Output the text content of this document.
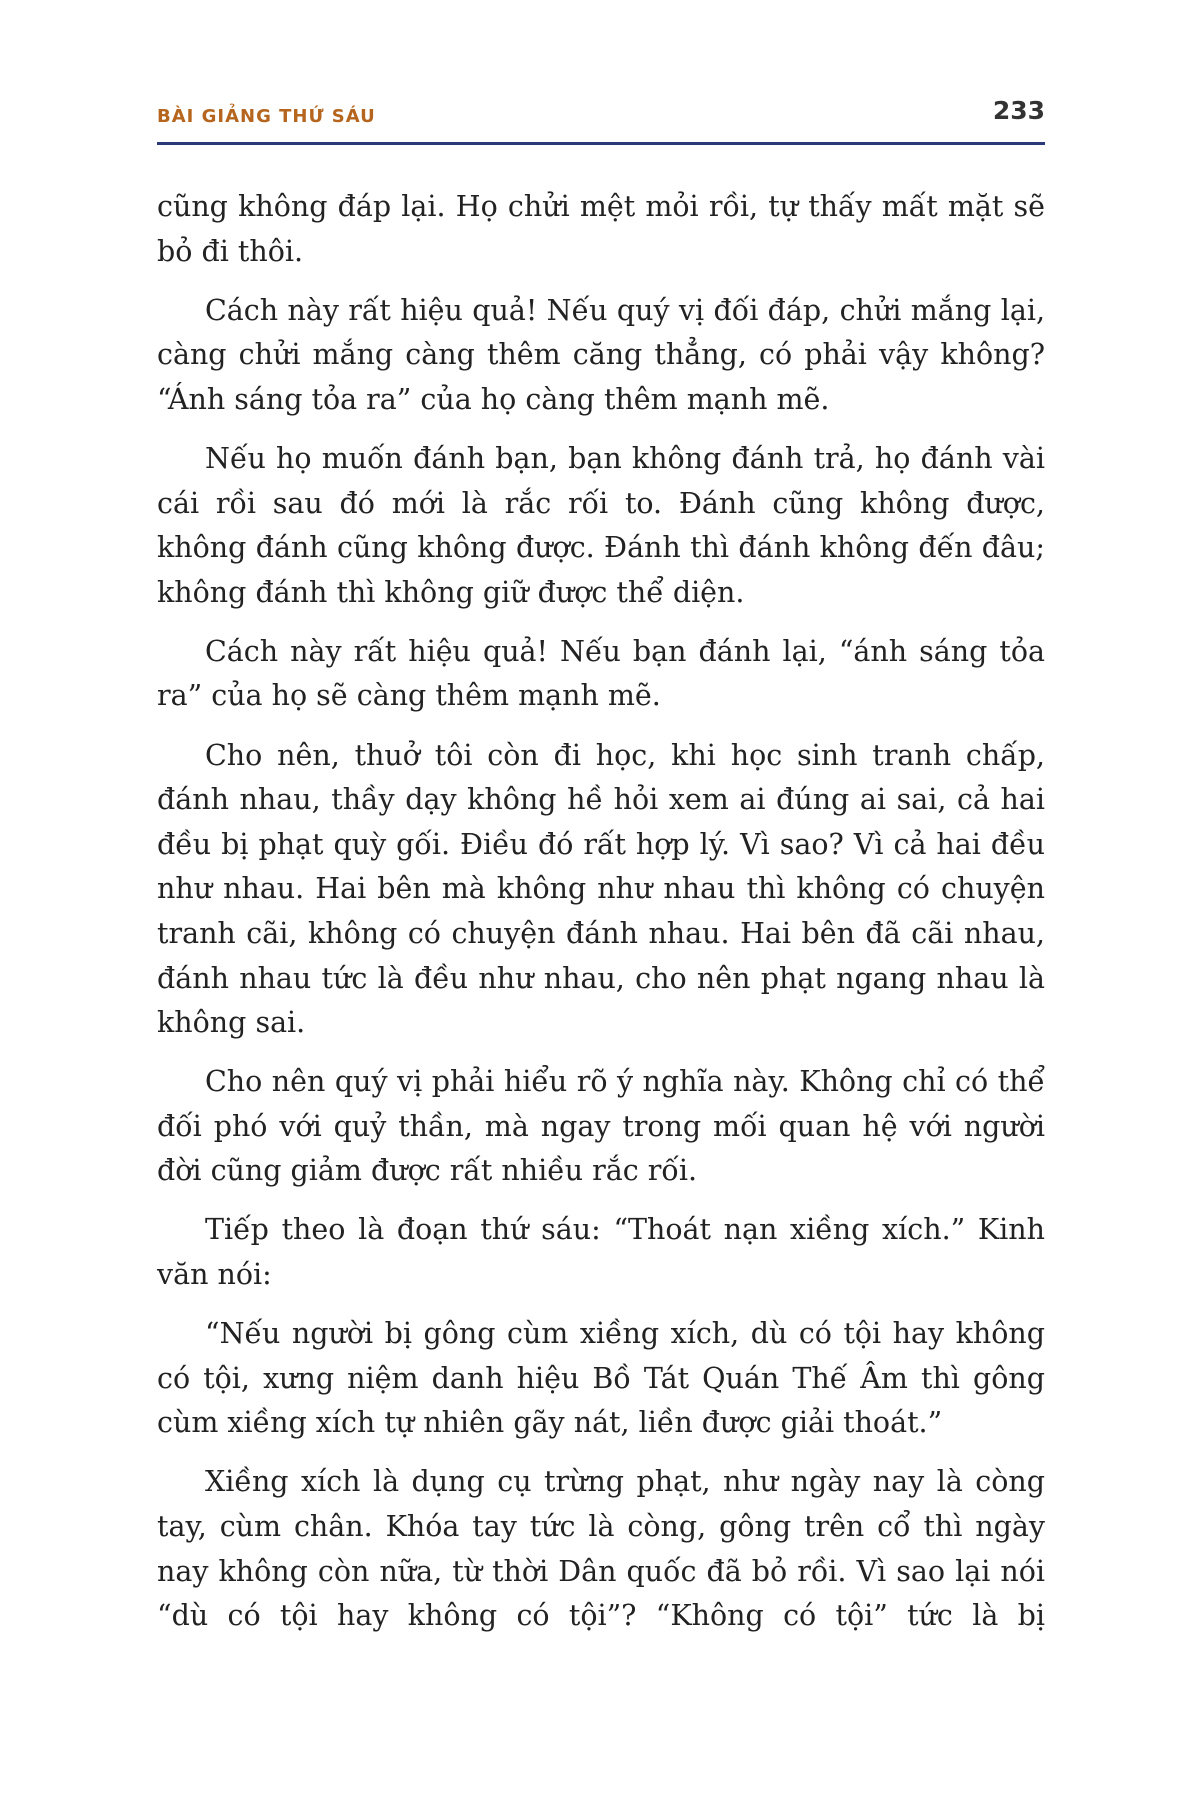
BÀI GIẢNG THỨ SÁU	233

cũng không đáp lại. Họ chửi mệt mỏi rồi, tự thấy mất mặt sẽ bỏ đi thôi.

Cách này rất hiệu quả! Nếu quý vị đối đáp, chửi mắng lại, càng chửi mắng càng thêm căng thẳng, có phải vậy không? “Ánh sáng tỏa ra” của họ càng thêm mạnh mẽ.

Nếu họ muốn đánh bạn, bạn không đánh trả, họ đánh vài cái rồi sau đó mới là rắc rối to. Đánh cũng không được, không đánh cũng không được. Đánh thì đánh không đến đâu; không đánh thì không giữ được thể diện.

Cách này rất hiệu quả! Nếu bạn đánh lại, “ánh sáng tỏa ra” của họ sẽ càng thêm mạnh mẽ.

Cho nên, thuở tôi còn đi học, khi học sinh tranh chấp, đánh nhau, thầy dạy không hề hỏi xem ai đúng ai sai, cả hai đều bị phạt quỳ gối. Điều đó rất hợp lý. Vì sao? Vì cả hai đều như nhau. Hai bên mà không như nhau thì không có chuyện tranh cãi, không có chuyện đánh nhau. Hai bên đã cãi nhau, đánh nhau tức là đều như nhau, cho nên phạt ngang nhau là không sai.

Cho nên quý vị phải hiểu rõ ý nghĩa này. Không chỉ có thể đối phó với quỷ thần, mà ngay trong mối quan hệ với người đời cũng giảm được rất nhiều rắc rối.

Tiếp theo là đoạn thứ sáu: “Thoát nạn xiềng xích.” Kinh văn nói:

“Nếu người bị gông cùm xiềng xích, dù có tội hay không có tội, xưng niệm danh hiệu Bồ Tát Quán Thế Âm thì gông cùm xiềng xích tự nhiên gãy nát, liền được giải thoát.”

Xiềng xích là dụng cụ trừng phạt, như ngày nay là còng tay, cùm chân. Khóa tay tức là còng, gông trên cổ thì ngày nay không còn nữa, từ thời Dân quốc đã bỏ rồi. Vì sao lại nói “dù có tội hay không có tội”? “Không có tội” tức là bị
